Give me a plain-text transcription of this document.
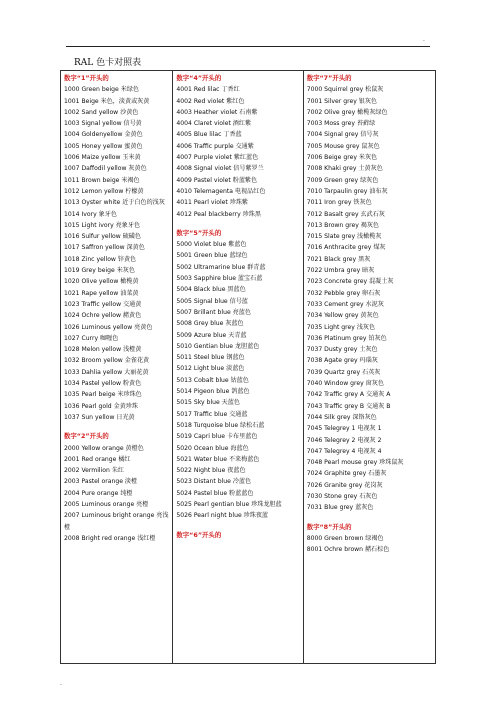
.
RAL 色卡对照表
数字“1”开头的
1000 Green beige 米绿色
1001 Beige 米色，淡黄或灰黄
1002 Sand yellow 沙黄色
1003 Signal yellow 信号黄
1004 Goldenyellow 金黄色
1005 Honey yellow 蜜黄色
1006 Maize yellow 玉米黄
1007 Daffodil yellow 灰黄色
1011 Brown beige 米褐色
1012 Lemon yellow 柠檬黄
1013 Oyster white 近于白色的浅灰
1014 Ivory 象牙色
1015 Light ivory 亮象牙色
1016 Sulfur yellow 硫磺色
1017 Saffron yellow 深黄色
1018 Zinc yellow 锌黄色
1019 Grey beige 米灰色
1020 Olive yellow 橄榄黄
1021 Rape yellow 油菜黄
1023 Traffic yellow 交通黄
1024 Ochre yellow 赭黄色
1026 Luminous yellow 亮黄色
1027 Curry 咖喱色
1028 Melon yellow 浅橙黄
1032 Broom yellow 金雀花黄
1033 Dahlia yellow 大丽花黄
1034 Pastel yellow 粉黄色
1035 Pearl beige 米珍珠色
1036 Pearl gold 金黄珍珠
1037 Sun yellow 日光黄
数字“2”开头的
2000 Yellow orange 黄橙色
2001 Red orange 橘红
2002 Vermilion 朱红
2003 Pastel orange 淡橙
2004 Pure orange 纯橙
2005 Luminous orange 亮橙
2007 Luminous bright orange 亮浅橙
2008 Bright red orange 浅红橙
数字“4”开头的
4001 Red lilac 丁香红
4002 Red violet 紫红色
4003 Heather violet 石南紫
4004 Claret violet 酒红紫
4005 Blue lilac 丁香蓝
4006 Traffic purple 交通紫
4007 Purple violet 紫红蓝色
4008 Signal violet 信号紫罗兰
4009 Pastel violet 粉蓝紫色
4010 Telemagenta 电视品红色
4011 Pearl violet 珍珠紫
4012 Peal blackberry 珍珠黑
数字“5”开头的
5000 Violet blue 紫蓝色
5001 Green blue 蓝绿色
5002 Ultramarine blue 群青蓝
5003 Sapphire blue 蓝宝石蓝
5004 Black blue 黑蓝色
5005 Signal blue 信号蓝
5007 Brillant blue 亮蓝色
5008 Grey blue 灰蓝色
5009 Azure blue 天青蓝
5010 Gentian blue 龙胆蓝色
5011 Steel blue 钢蓝色
5012 Light blue 淡蓝色
5013 Cobalt blue 钴蓝色
5014 Pigeon blue 鸽蓝色
5015 Sky blue 天蓝色
5017 Traffic blue 交通蓝
5018 Turquoise blue 绿松石蓝
5019 Capri blue 卡布里蓝色
5020 Ocean blue 海蓝色
5021 Water blue 不来梅蓝色
5022 Night blue 夜蓝色
5023 Distant blue 冷蓝色
5024 Pastel blue 粉蓝蓝色
5025 Pearl gentian blue 珍珠龙胆蓝
5026 Pearl night blue 珍珠夜蓝
数字“6”开头的
数字“7”开头的
7000 Squirrel grey 松鼠灰
7001 Silver grey 银灰色
7002 Olive grey 橄榄灰绿色
7003 Moss grey 苔藓绿
7004 Signal grey 信号灰
7005 Mouse grey 鼠灰色
7006 Beige grey 米灰色
7008 Khaki grey 土黄灰色
7009 Green grey 绿灰色
7010 Tarpaulin grey 油布灰
7011 Iron grey 铁灰色
7012 Basalt grey 玄武石灰
7013 Brown grey 褐灰色
7015 Slate grey 浅橄榄灰
7016 Anthracite grey 煤灰
7021 Black grey 黑灰
7022 Umbra grey 暗灰
7023 Concrete grey 混凝土灰
7032 Pebble grey 卵石灰
7033 Cement grey 水泥灰
7034 Yellow grey 黄灰色
7035 Light grey 浅灰色
7036 Platinum grey 铂灰色
7037 Dusty grey 土灰色
7038 Agate grey 玛瑙灰
7039 Quartz grey 石英灰
7040 Window grey 窗灰色
7042 Traffic grey A 交通灰 A
7043 Traffic grey B 交通灰 B
7044 Silk grey 深铬灰色
7045 Telegrey 1 电视灰 1
7046 Telegrey 2 电视灰 2
7047 Telegrey 4 电视灰 4
7048 Pearl mouse grey 珍珠鼠灰
7024 Graphite grey 石墨灰
7026 Granite grey 花岗灰
7030 Stone grey 石灰色
7031 Blue grey 蓝灰色
数字“8”开头的
8000 Green brown 绿褐色
8001 Ochre brown 赭石棕色
.
